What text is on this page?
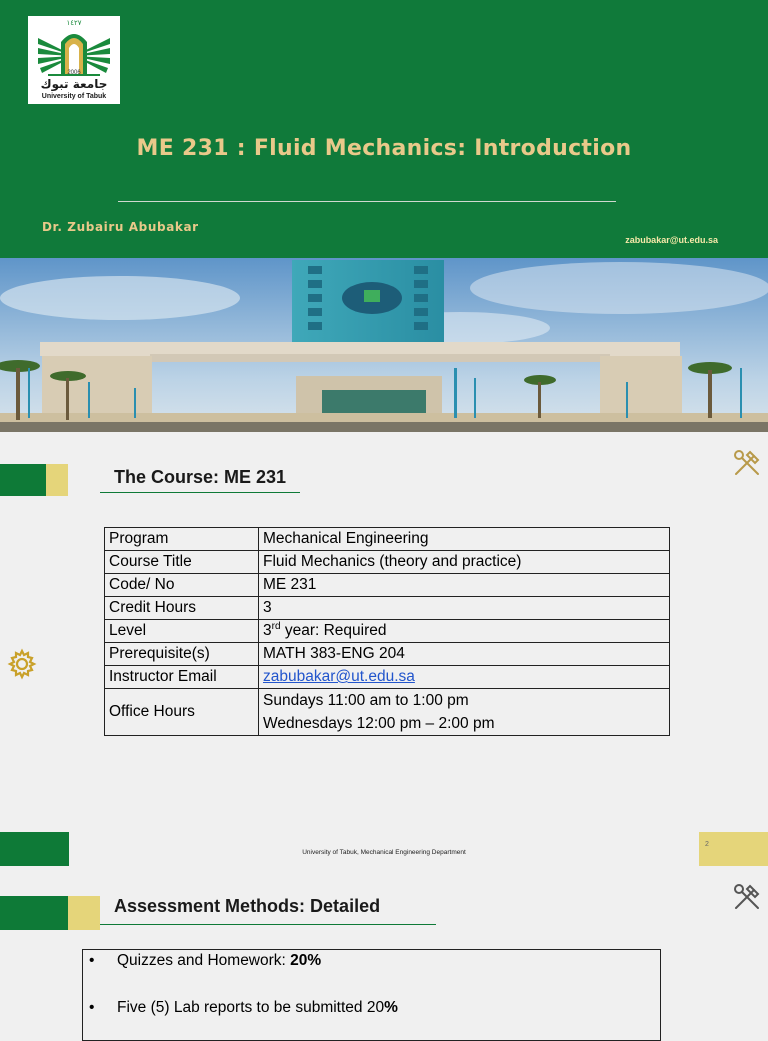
١٤٢٧
2006
جامعة تبوك
University of Tabuk
ME 231 : Fluid Mechanics: Introduction
Dr. Zubairu Abubakar
zabubakar@ut.edu.sa
The Course: ME 231
Program	Mechanical Engineering
Course Title	Fluid Mechanics (theory and practice)
Code/ No	ME 231
Credit Hours	3
Level	3rd year: Required
Prerequisite(s)	MATH 383-ENG 204
Instructor Email	zabubakar@ut.edu.sa
Office Hours	Sundays 11:00 am to 1:00 pm
Wednesdays 12:00 pm – 2:00 pm
University of Tabuk, Mechanical Engineering Department
2
Assessment Methods: Detailed
• Quizzes and Homework: 20%
• Five (5) Lab reports to be submitted 20%
